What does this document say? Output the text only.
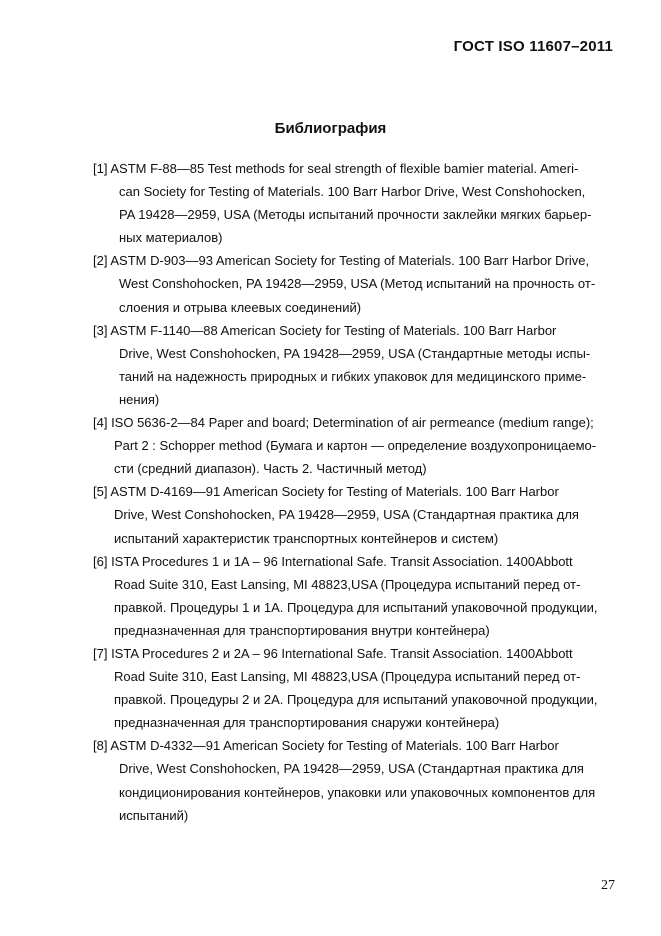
ГОСТ ISO 11607–2011
Библиография

[1] ASTM F-88—85 Test methods for seal strength of flexible bamier material. Ameri-

can Society for Testing of Materials. 100 Barr Harbor Drive, West Conshohocken,

PA 19428—2959, USA (Методы испытаний прочности заклейки мягких барьер-

ных материалов)

[2] ASTM D-903—93 American Society for Testing of Materials. 100 Barr Harbor Drive,

West Conshohocken, PA 19428—2959, USA (Метод испытаний на прочность от-

слоения и отрыва клеевых соединений)

[3] ASTM F-1140—88 American Society for Testing of Materials. 100 Barr Harbor

Drive, West Conshohocken, PA 19428—2959, USA (Стандартные методы испы-

таний на надежность природных и гибких упаковок для медицинского приме-

нения)

[4] ISO 5636-2—84 Paper and board; Determination of air permeance (medium range);

Part 2 : Schopper method (Бумага и картон — определение воздухопроницаемо-

сти (средний диапазон). Часть 2. Частичный метод)

[5] ASTM D-4169—91 American Society for Testing of Materials. 100 Barr Harbor

Drive, West Conshohocken, PA 19428—2959, USA (Стандартная практика для

испытаний характеристик транспортных контейнеров и систем)

[6] ISTA Procedures 1 и 1A – 96 International Safe. Transit Association. 1400Abbott

Road Suite 310, East Lansing, MI 48823,USA (Процедура испытаний перед от-

правкой. Процедуры 1 и 1A. Процедура для испытаний упаковочной продукции,

предназначенная для транспортирования внутри контейнера)

[7] ISTA Procedures 2 и 2A – 96 International Safe. Transit Association. 1400Abbott

Road Suite 310, East Lansing, MI 48823,USA (Процедура испытаний перед от-

правкой. Процедуры 2 и 2A. Процедура для испытаний упаковочной продукции,

предназначенная для транспортирования снаружи контейнера)

[8] ASTM D-4332—91 American Society for Testing of Materials. 100 Barr Harbor

Drive, West Conshohocken, PA 19428—2959, USA (Стандартная практика для

кондиционирования контейнеров, упаковки или упаковочных компонентов для

испытаний)

27
